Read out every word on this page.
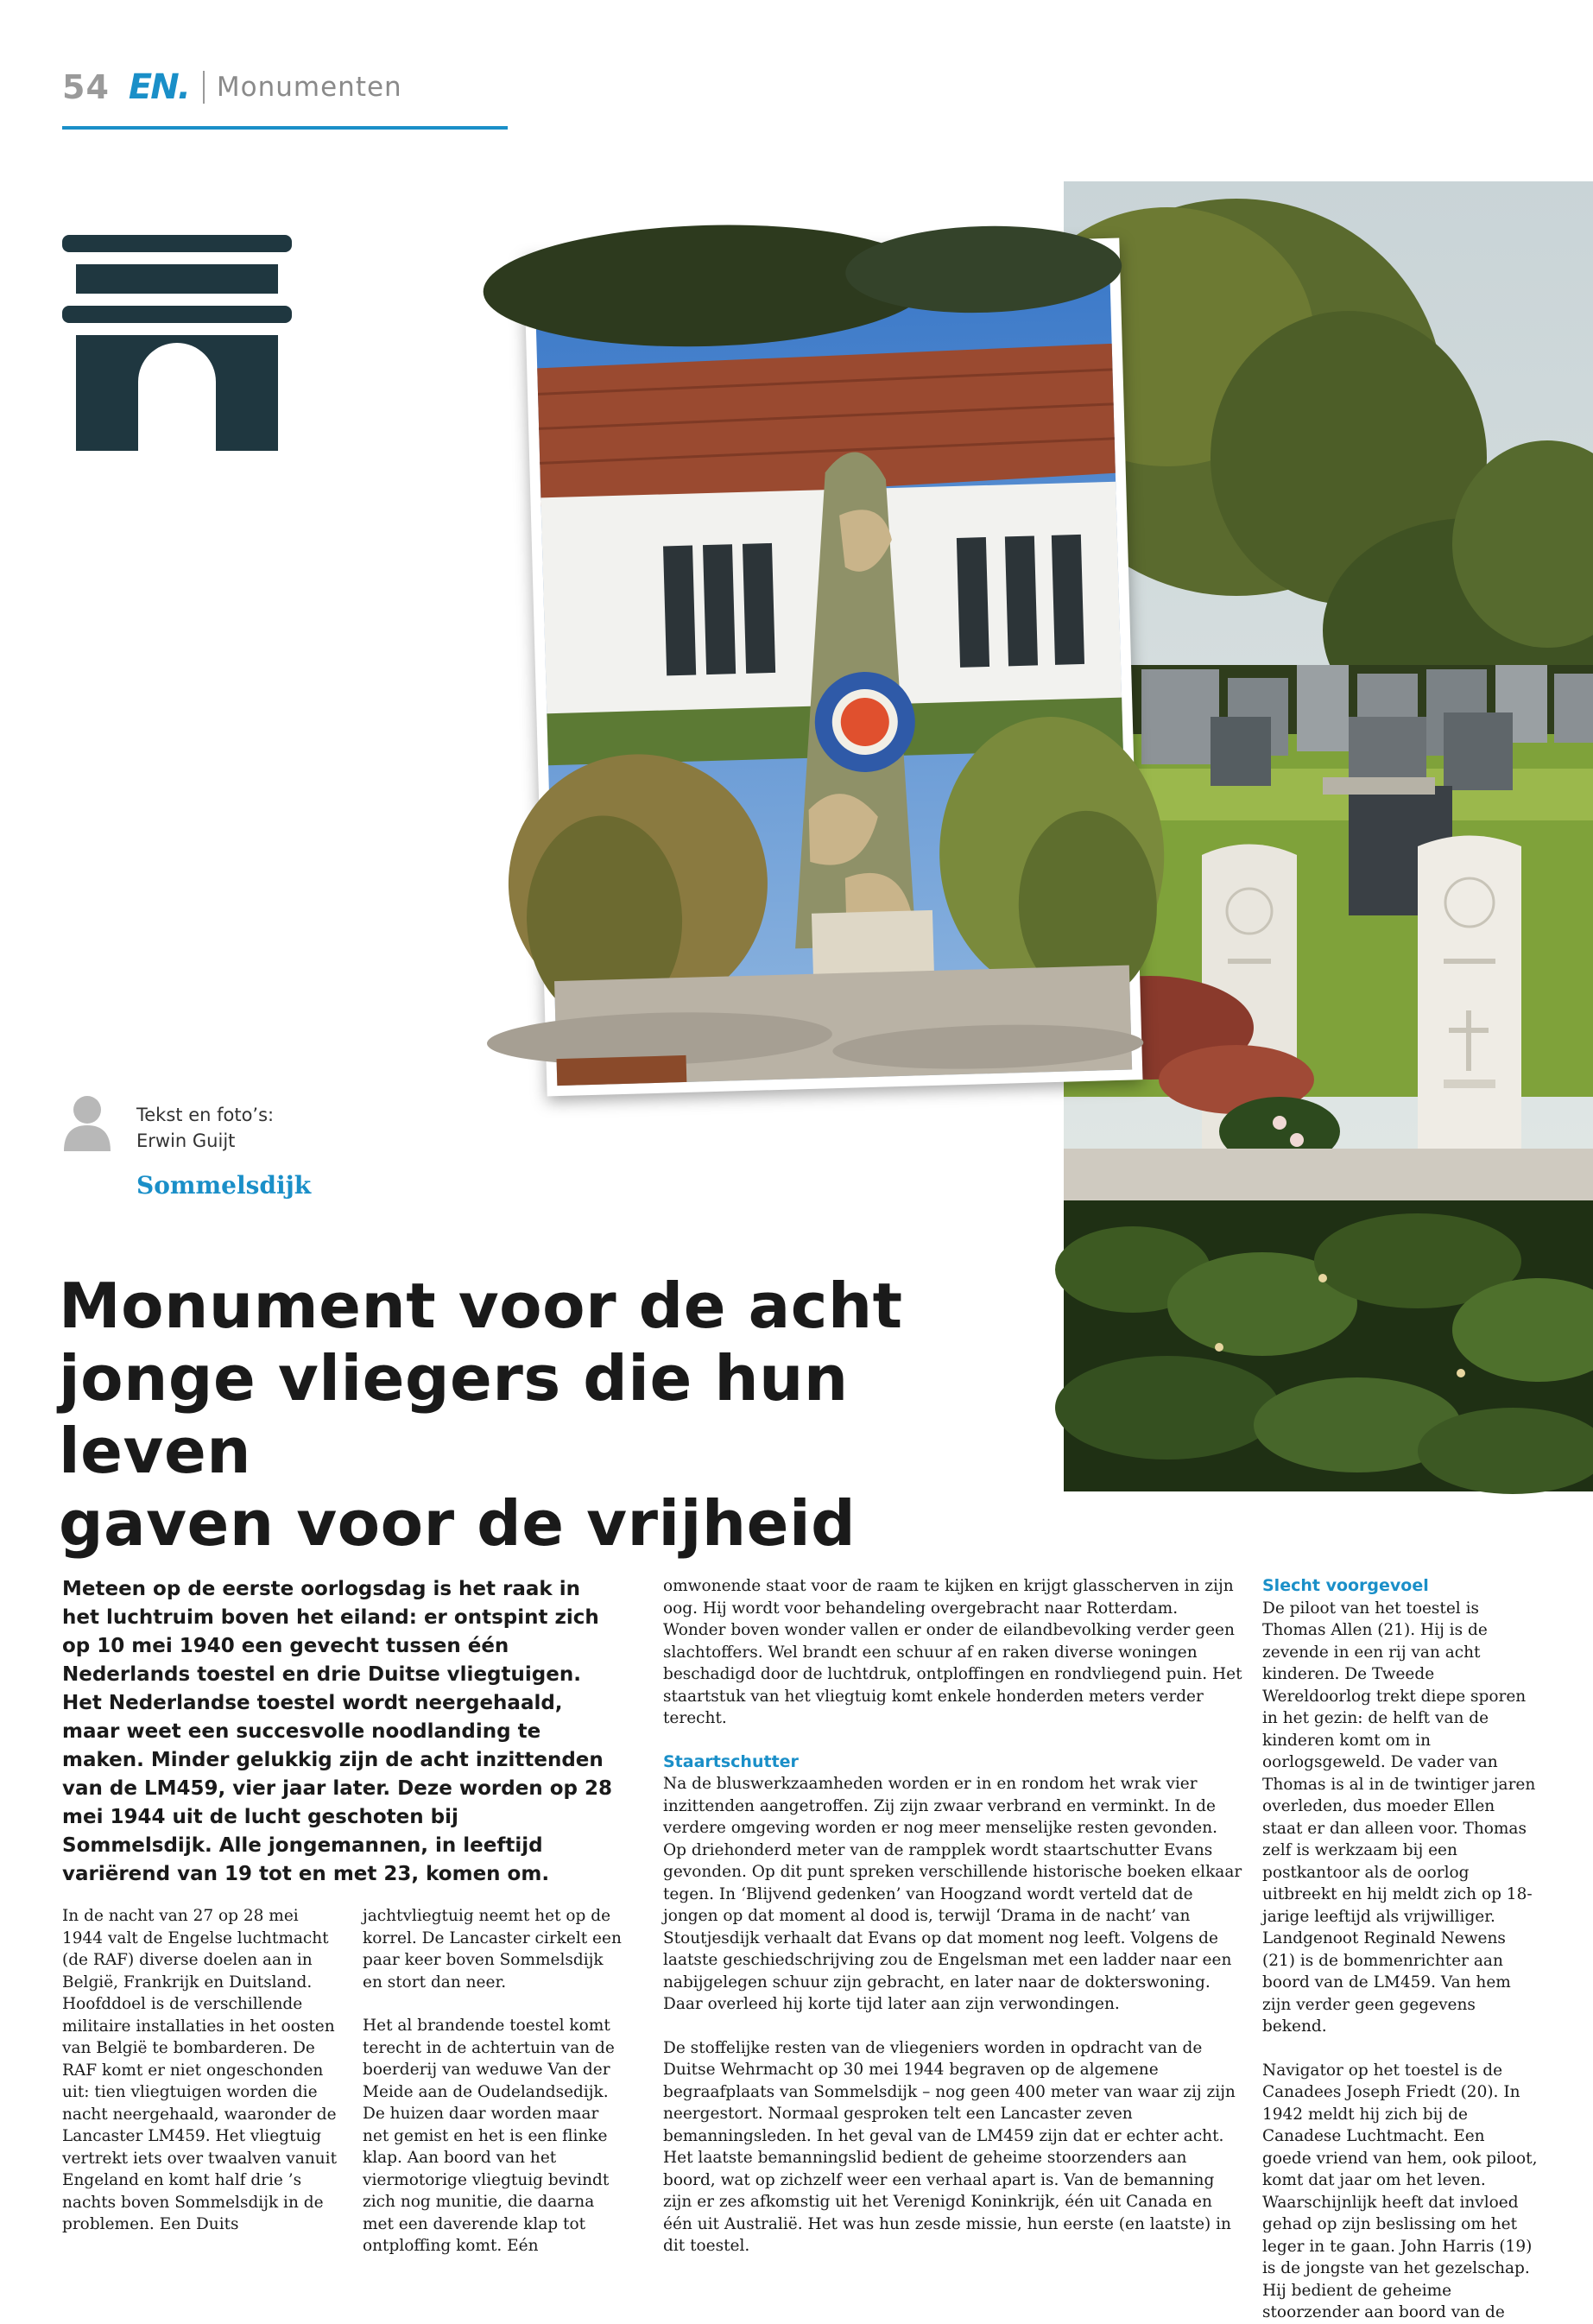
54 EN. Monumenten
Tekst en foto’s:
Erwin Guijt
Sommelsdijk
Monument voor de acht
jonge vliegers die hun leven
gaven voor de vrijheid

Meteen op de eerste oorlogsdag is het raak in het luchtruim boven het eiland: er ontspint zich op 10 mei 1940 een gevecht tussen één Nederlands toestel en drie Duitse vliegtuigen. Het Nederlandse toestel wordt neergehaald, maar weet een succesvolle noodlanding te maken. Minder gelukkig zijn de acht inzittenden van de LM459, vier jaar later. Deze worden op 28 mei 1944 uit de lucht geschoten bij Sommelsdijk. Alle jongemannen, in leeftijd variërend van 19 tot en met 23, komen om.

In de nacht van 27 op 28 mei 1944 valt de Engelse luchtmacht (de RAF) diverse doelen aan in België, Frankrijk en Duitsland. Hoofddoel is de verschillende militaire installaties in het oosten van België te bombarderen. De RAF komt er niet ongeschonden uit: tien vliegtuigen worden die nacht neergehaald, waaronder de Lancaster LM459. Het vliegtuig vertrekt iets over twaalven vanuit Engeland en komt half drie ’s nachts boven Sommelsdijk in de problemen. Een Duits

jachtvliegtuig neemt het op de korrel. De Lancaster cirkelt een paar keer boven Sommelsdijk en stort dan neer.

Het al brandende toestel komt terecht in de achtertuin van de boerderij van weduwe Van der Meide aan de Oudelandsedijk. De huizen daar worden maar net gemist en het is een flinke klap. Aan boord van het viermotorige vliegtuig bevindt zich nog munitie, die daarna met een daverende klap tot ontploffing komt. Eén

omwonende staat voor de raam te kijken en krijgt glasscherven in zijn oog. Hij wordt voor behandeling overgebracht naar Rotterdam. Wonder boven wonder vallen er onder de eilandbevolking verder geen slachtoffers. Wel brandt een schuur af en raken diverse woningen beschadigd door de luchtdruk, ontploffingen en rondvliegend puin. Het staartstuk van het vliegtuig komt enkele honderden meters verder terecht.

Staartschutter

Na de bluswerkzaamheden worden er in en rondom het wrak vier inzittenden aangetroffen. Zij zijn zwaar verbrand en verminkt. In de verdere omgeving worden er nog meer menselijke resten gevonden. Op driehonderd meter van de rampplek wordt staartschutter Evans gevonden. Op dit punt spreken verschillende historische boeken elkaar tegen. In ‘Blijvend gedenken’ van Hoogzand wordt verteld dat de jongen op dat moment al dood is, terwijl ‘Drama in de nacht’ van Stoutjesdijk verhaalt dat Evans op dat moment nog leeft. Volgens de laatste geschiedschrijving zou de Engelsman met een ladder naar een nabijgelegen schuur zijn gebracht, en later naar de dokterswoning. Daar overleed hij korte tijd later aan zijn verwondingen.

De stoffelijke resten van de vliegeniers worden in opdracht van de Duitse Wehrmacht op 30 mei 1944 begraven op de algemene begraafplaats van Sommelsdijk – nog geen 400 meter van waar zij zijn neergestort. Normaal gesproken telt een Lancaster zeven bemanningsleden. In het geval van de LM459 zijn dat er echter acht. Het laatste bemanningslid bedient de geheime stoorzenders aan boord, wat op zichzelf weer een verhaal apart is. Van de bemanning zijn er zes afkomstig uit het Verenigd Koninkrijk, één uit Canada en één uit Australië. Het was hun zesde missie, hun eerste (en laatste) in dit toestel.

Slecht voorgevoel

De piloot van het toestel is Thomas Allen (21). Hij is de zevende in een rij van acht kinderen. De Tweede Wereldoorlog trekt diepe sporen in het gezin: de helft van de kinderen komt om in oorlogsgeweld. De vader van Thomas is al in de twintiger jaren overleden, dus moeder Ellen staat er dan alleen voor. Thomas zelf is werkzaam bij een postkantoor als de oorlog uitbreekt en hij meldt zich op 18-jarige leeftijd als vrijwilliger. Landgenoot Reginald Newens (21) is de bommenrichter aan boord van de LM459. Van hem zijn verder geen gegevens bekend.

Navigator op het toestel is de Canadees Joseph Friedt (20). In 1942 meldt hij zich bij de Canadese Luchtmacht. Een goede vriend van hem, ook piloot, komt dat jaar om het leven. Waarschijnlijk heeft dat invloed gehad op zijn beslissing om het leger in te gaan. John Harris (19) is de jongste van het gezelschap. Hij bedient de geheime stoorzender aan boord van de
